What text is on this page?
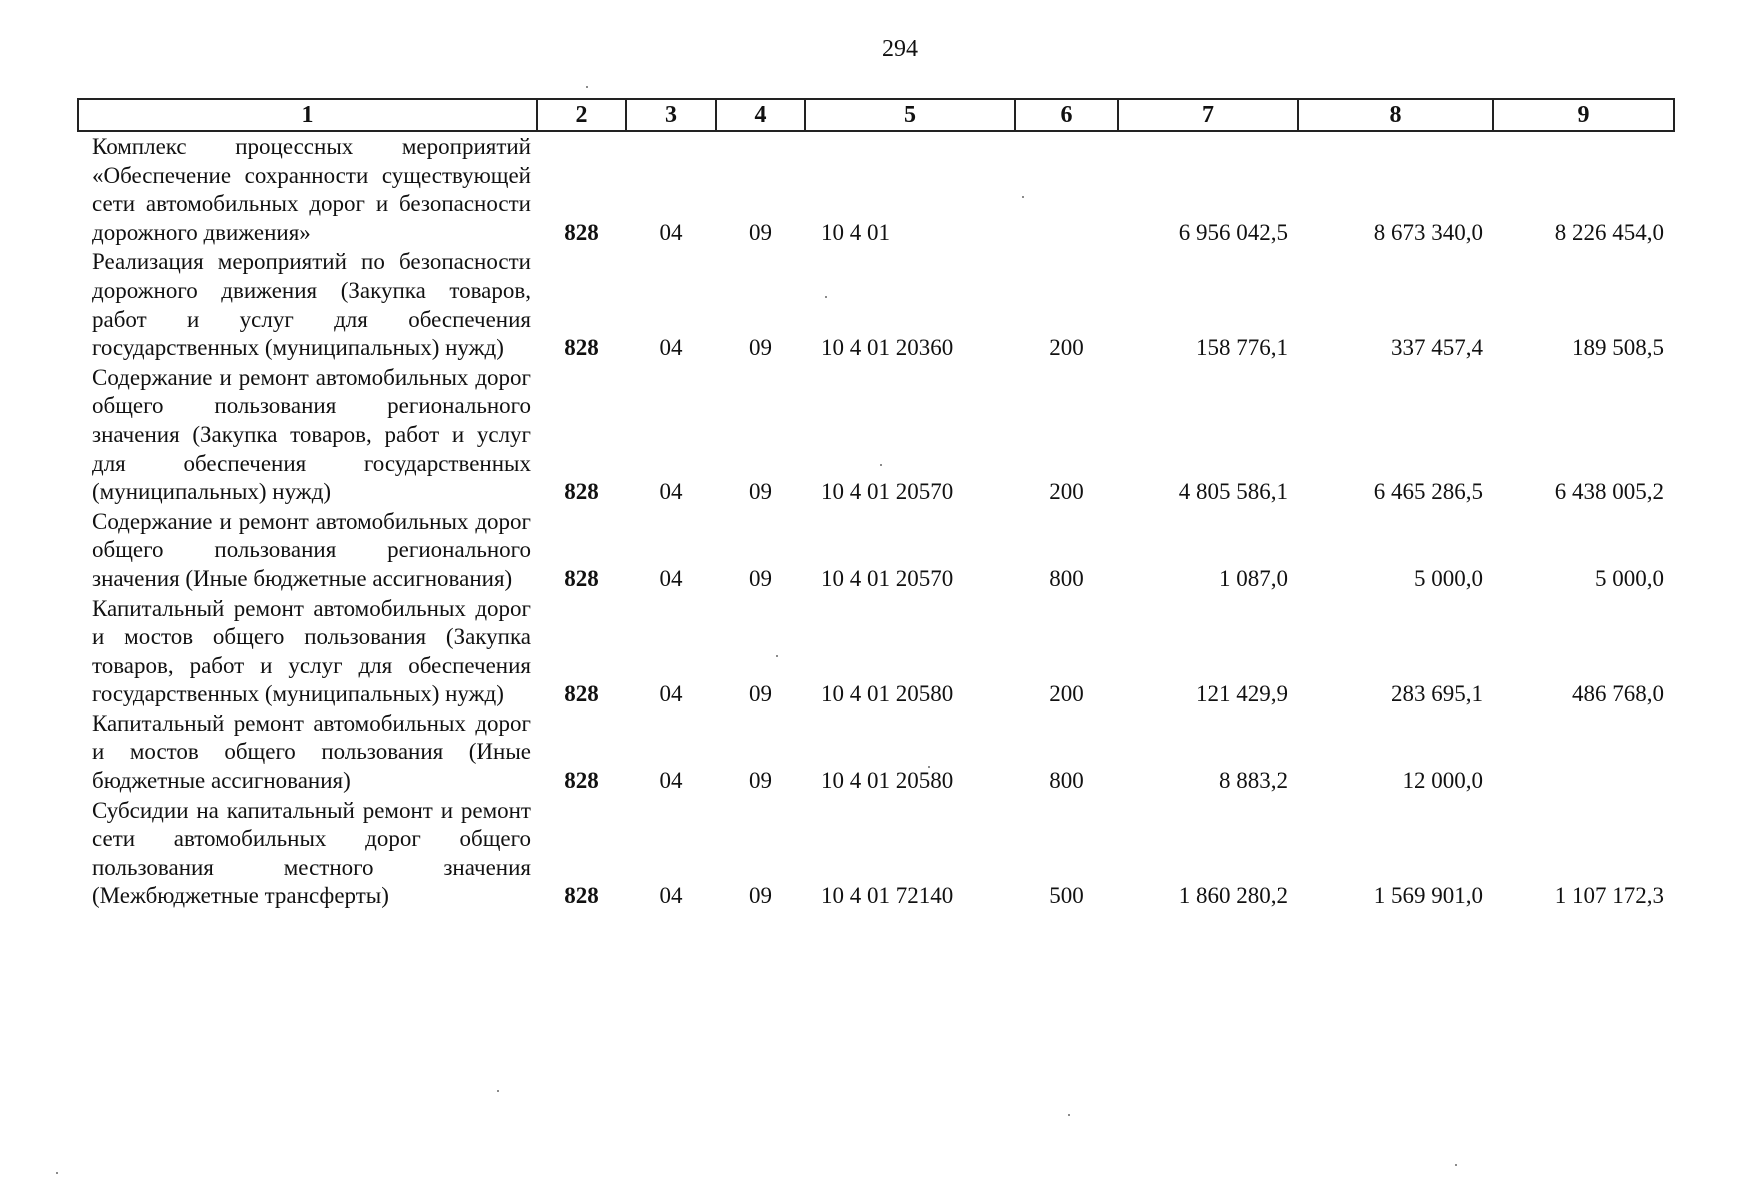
294
1	2	3	4	5	6	7	8	9
Комплекс процессных мероприятий «Обеспечение сохранности существующей сети автомобильных дорог и безопасности дорожного движения»	828	04	09	10 4 01		6 956 042,5	8 673 340,0	8 226 454,0
Реализация мероприятий по безопасности дорожного движения (Закупка товаров, работ и услуг для обеспечения государственных (муниципальных) нужд)	828	04	09	10 4 01 20360	200	158 776,1	337 457,4	189 508,5
Содержание и ремонт автомобильных дорог общего пользования регионального значения (Закупка товаров, работ и услуг для обеспечения государственных (муниципальных) нужд)	828	04	09	10 4 01 20570	200	4 805 586,1	6 465 286,5	6 438 005,2
Содержание и ремонт автомобильных дорог общего пользования регионального значения (Иные бюджетные ассигнования)	828	04	09	10 4 01 20570	800	1 087,0	5 000,0	5 000,0
Капитальный ремонт автомобильных дорог и мостов общего пользования (Закупка товаров, работ и услуг для обеспечения государственных (муниципальных) нужд)	828	04	09	10 4 01 20580	200	121 429,9	283 695,1	486 768,0
Капитальный ремонт автомобильных дорог и мостов общего пользования (Иные бюджетные ассигнования)	828	04	09	10 4 01 20580	800	8 883,2	12 000,0	
Субсидии на капитальный ремонт и ремонт сети автомобильных дорог общего пользования местного значения (Межбюджетные трансферты)	828	04	09	10 4 01 72140	500	1 860 280,2	1 569 901,0	1 107 172,3
